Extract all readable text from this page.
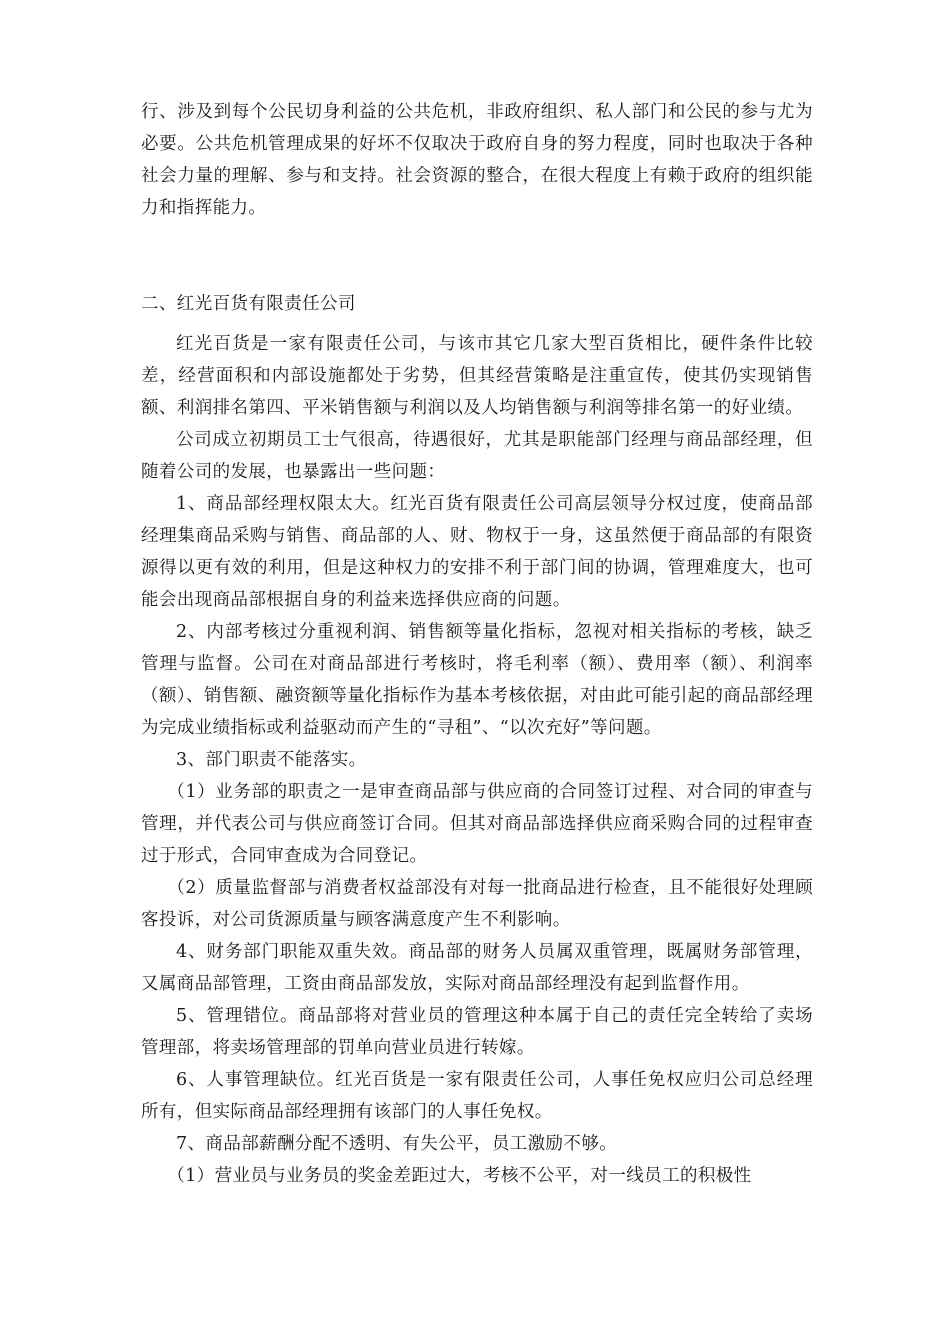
行、涉及到每个公民切身利益的公共危机，非政府组织、私人部门和公民的参与尤为必要。公共危机管理成果的好坏不仅取决于政府自身的努力程度，同时也取决于各种社会力量的理解、参与和支持。社会资源的整合，在很大程度上有赖于政府的组织能力和指挥能力。

二、红光百货有限责任公司

红光百货是一家有限责任公司，与该市其它几家大型百货相比，硬件条件比较差，经营面积和内部设施都处于劣势，但其经营策略是注重宣传，使其仍实现销售额、利润排名第四、平米销售额与利润以及人均销售额与利润等排名第一的好业绩。

公司成立初期员工士气很高，待遇很好，尤其是职能部门经理与商品部经理，但随着公司的发展，也暴露出一些问题：

1、商品部经理权限太大。红光百货有限责任公司高层领导分权过度，使商品部经理集商品采购与销售、商品部的人、财、物权于一身，这虽然便于商品部的有限资源得以更有效的利用，但是这种权力的安排不利于部门间的协调，管理难度大，也可能会出现商品部根据自身的利益来选择供应商的问题。

2、内部考核过分重视利润、销售额等量化指标，忽视对相关指标的考核，缺乏管理与监督。公司在对商品部进行考核时，将毛利率（额）、费用率（额）、利润率（额）、销售额、融资额等量化指标作为基本考核依据，对由此可能引起的商品部经理为完成业绩指标或利益驱动而产生的“寻租”、“以次充好”等问题。

3、部门职责不能落实。

（1）业务部的职责之一是审查商品部与供应商的合同签订过程、对合同的审查与管理，并代表公司与供应商签订合同。但其对商品部选择供应商采购合同的过程审查过于形式，合同审查成为合同登记。

（2）质量监督部与消费者权益部没有对每一批商品进行检查，且不能很好处理顾客投诉，对公司货源质量与顾客满意度产生不利影响。

4、财务部门职能双重失效。商品部的财务人员属双重管理，既属财务部管理，又属商品部管理，工资由商品部发放，实际对商品部经理没有起到监督作用。

5、管理错位。商品部将对营业员的管理这种本属于自己的责任完全转给了卖场管理部，将卖场管理部的罚单向营业员进行转嫁。

6、人事管理缺位。红光百货是一家有限责任公司，人事任免权应归公司总经理所有，但实际商品部经理拥有该部门的人事任免权。

7、商品部薪酬分配不透明、有失公平，员工激励不够。

（1）营业员与业务员的奖金差距过大，考核不公平，对一线员工的积极性
